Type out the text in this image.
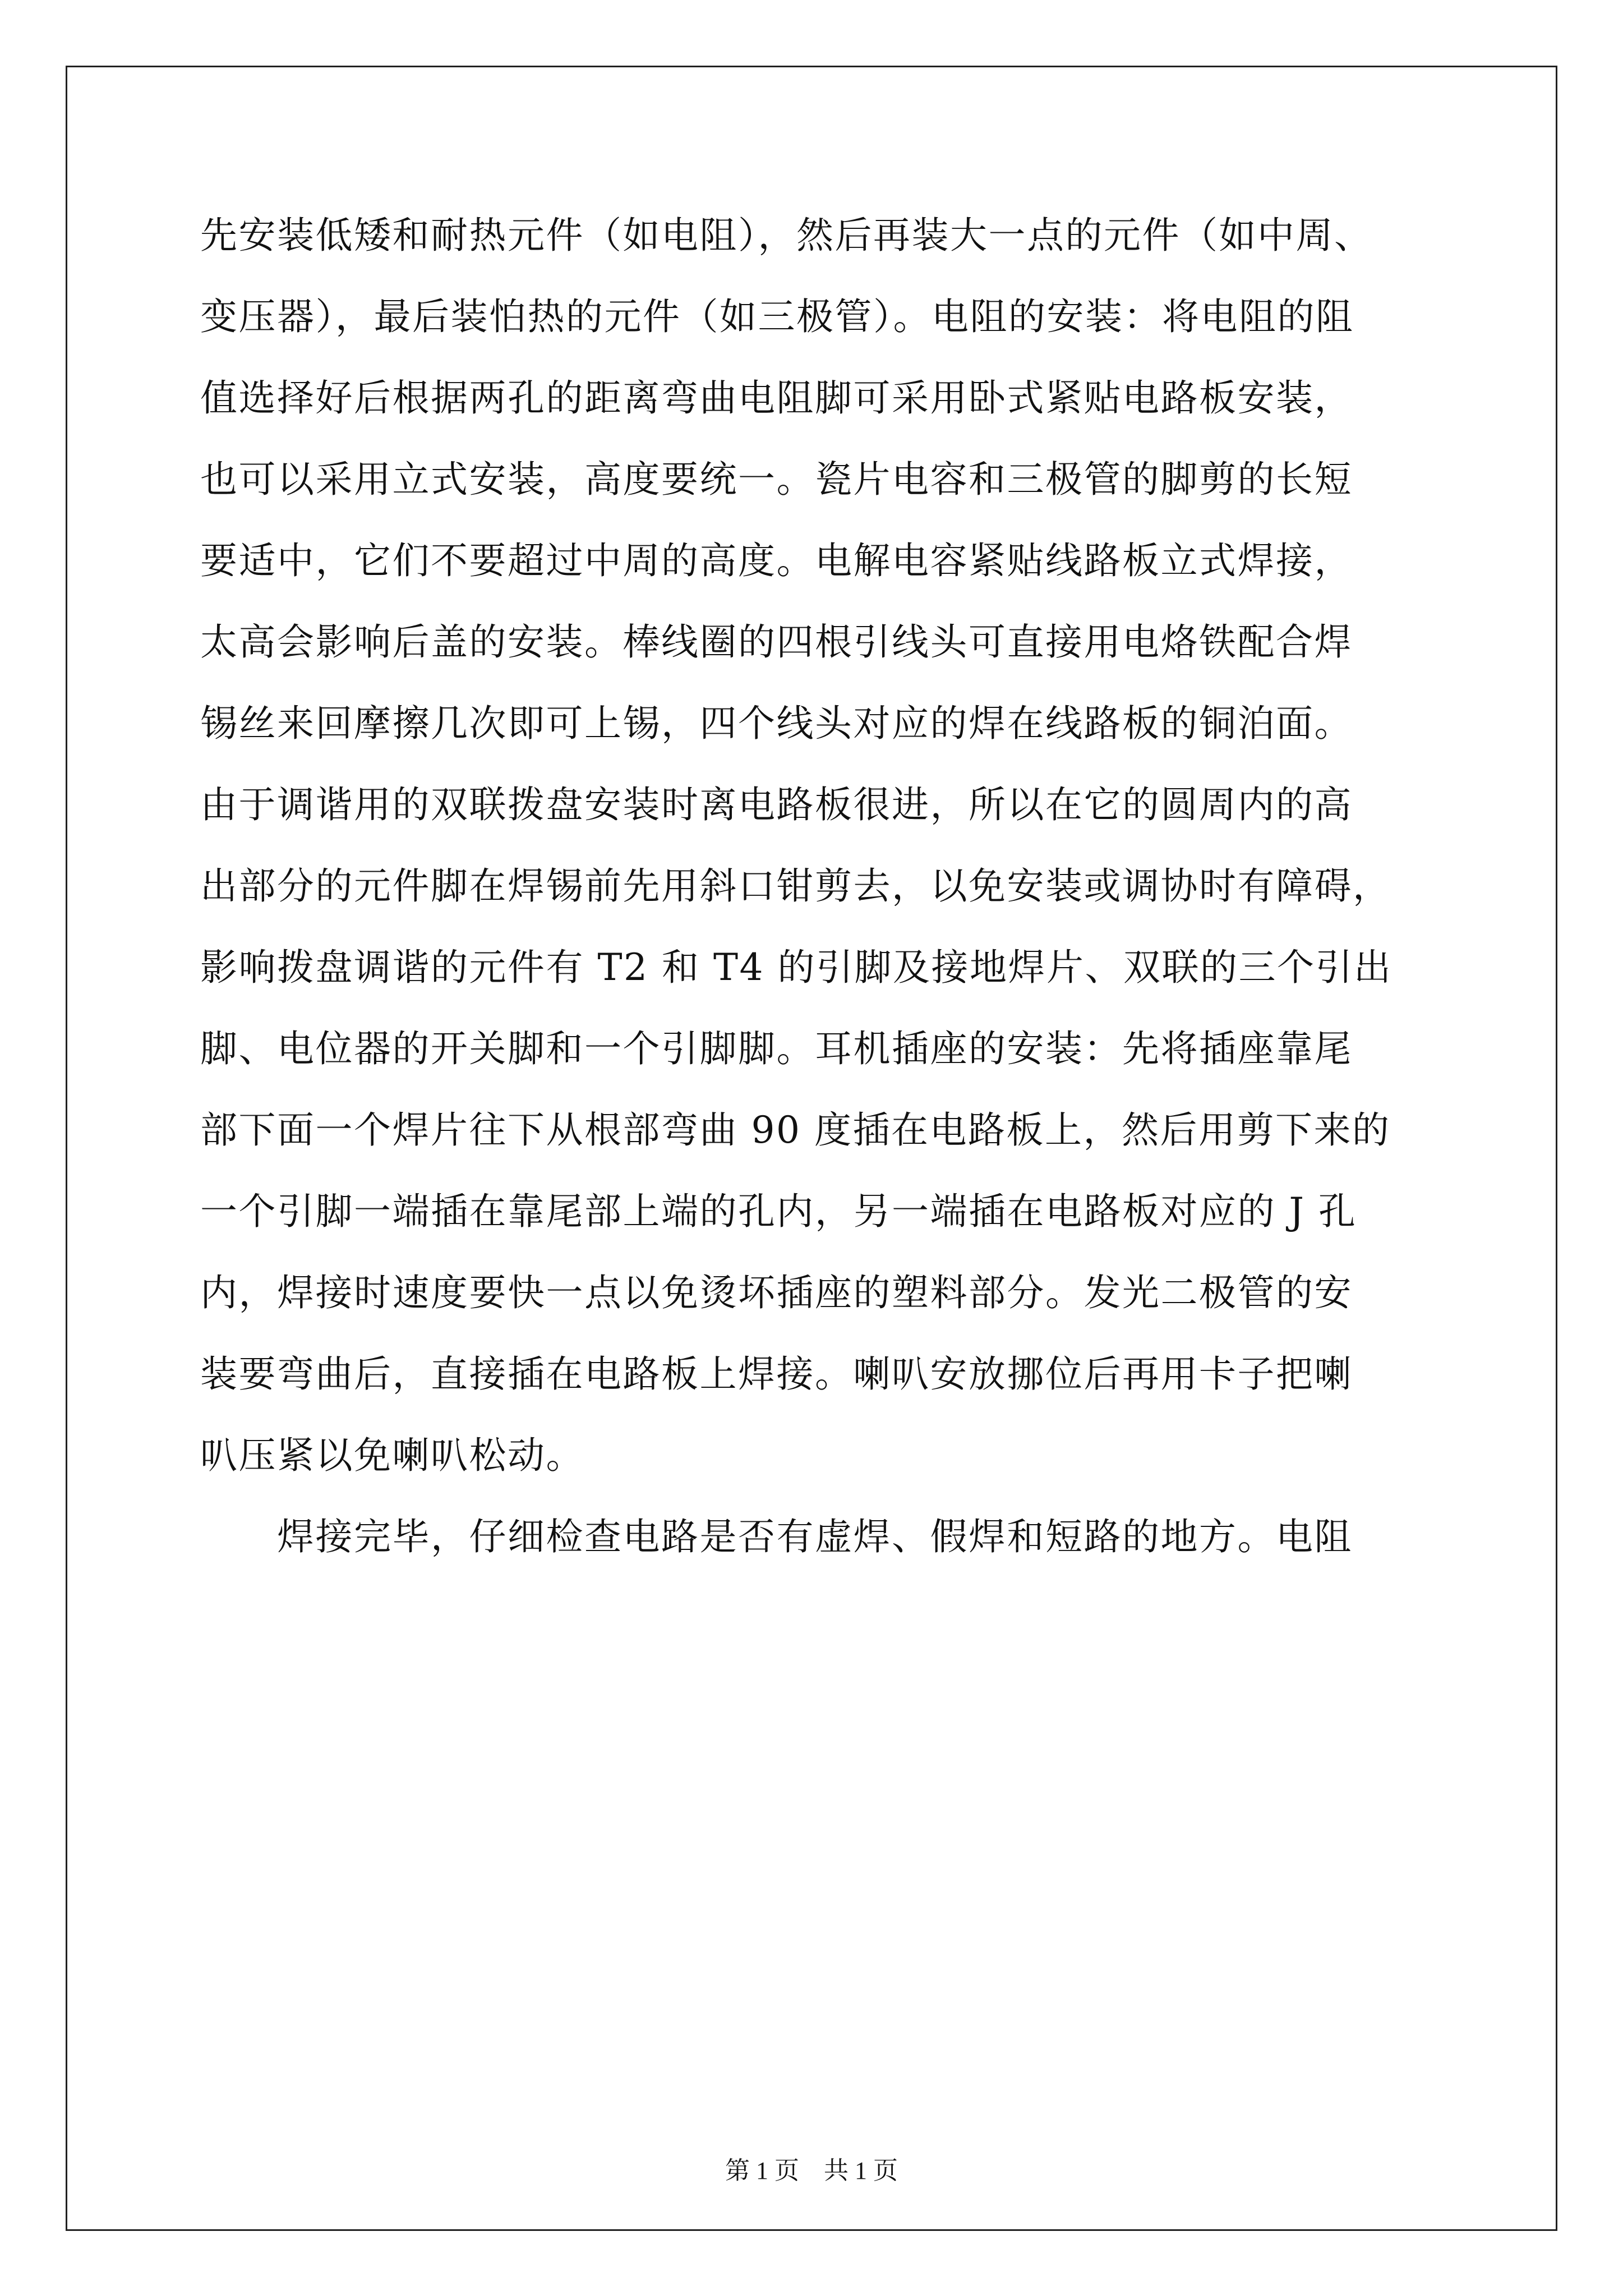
先安装低矮和耐热元件（如电阻），然后再装大一点的元件（如中周、
变压器），最后装怕热的元件（如三极管）。电阻的安装：将电阻的阻
值选择好后根据两孔的距离弯曲电阻脚可采用卧式紧贴电路板安装，
也可以采用立式安装，高度要统一。瓷片电容和三极管的脚剪的长短
要适中，它们不要超过中周的高度。电解电容紧贴线路板立式焊接，
太高会影响后盖的安装。棒线圈的四根引线头可直接用电烙铁配合焊
锡丝来回摩擦几次即可上锡，四个线头对应的焊在线路板的铜泊面。
由于调谐用的双联拨盘安装时离电路板很进，所以在它的圆周内的高
出部分的元件脚在焊锡前先用斜口钳剪去，以免安装或调协时有障碍，
影响拨盘调谐的元件有 T2 和 T4 的引脚及接地焊片、双联的三个引出
脚、电位器的开关脚和一个引脚脚。耳机插座的安装：先将插座靠尾
部下面一个焊片往下从根部弯曲 90 度插在电路板上，然后用剪下来的
一个引脚一端插在靠尾部上端的孔内，另一端插在电路板对应的 J 孔
内，焊接时速度要快一点以免烫坏插座的塑料部分。发光二极管的安
装要弯曲后，直接插在电路板上焊接。喇叭安放挪位后再用卡子把喇
叭压紧以免喇叭松动。
　　焊接完毕，仔细检查电路是否有虚焊、假焊和短路的地方。电阻
第 1 页　共 1 页
